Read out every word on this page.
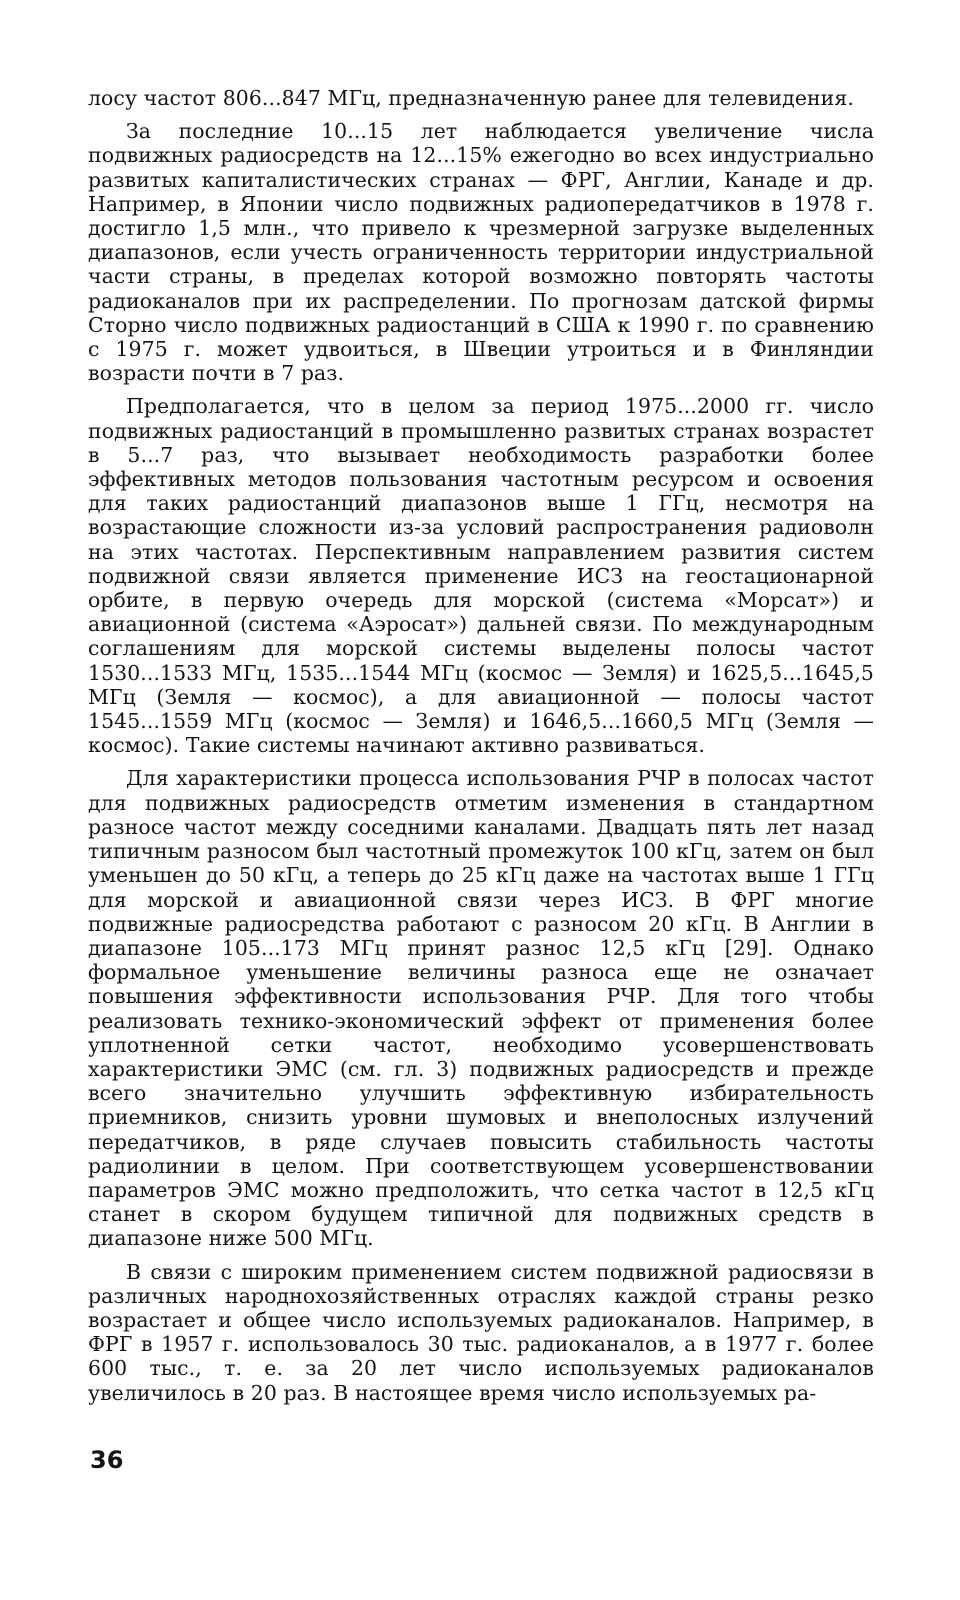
лосу частот 806...847 МГц, предназначенную ранее для телевидения.

За последние 10...15 лет наблюдается увеличение числа подвижных радиосредств на 12...15% ежегодно во всех индустриально развитых капиталистических странах — ФРГ, Англии, Канаде и др. Например, в Японии число подвижных радиопередатчиков в 1978 г. достигло 1,5 млн., что привело к чрезмерной загрузке выделенных диапазонов, если учесть ограниченность территории индустриальной части страны, в пределах которой возможно повторять частоты радиоканалов при их распределении. По прогнозам датской фирмы Сторно число подвижных радиостанций в США к 1990 г. по сравнению с 1975 г. может удвоиться, в Швеции утроиться и в Финляндии возрасти почти в 7 раз.

Предполагается, что в целом за период 1975...2000 гг. число подвижных радиостанций в промышленно развитых странах возрастет в 5...7 раз, что вызывает необходимость разработки более эффективных методов пользования частотным ресурсом и освоения для таких радиостанций диапазонов выше 1 ГГц, несмотря на возрастающие сложности из-за условий распространения радиоволн на этих частотах. Перспективным направлением развития систем подвижной связи является применение ИСЗ на геостационарной орбите, в первую очередь для морской (система «Морсат») и авиационной (система «Аэросат») дальней связи. По международным соглашениям для морской системы выделены полосы частот 1530...1533 МГц, 1535...1544 МГц (космос — Земля) и 1625,5...1645,5 МГц (Земля — космос), а для авиационной — полосы частот 1545...1559 МГц (космос — Земля) и 1646,5...1660,5 МГц (Земля — космос). Такие системы начинают активно развиваться.

Для характеристики процесса использования РЧР в полосах частот для подвижных радиосредств отметим изменения в стандартном разносе частот между соседними каналами. Двадцать пять лет назад типичным разносом был частотный промежуток 100 кГц, затем он был уменьшен до 50 кГц, а теперь до 25 кГц даже на частотах выше 1 ГГц для морской и авиационной связи через ИСЗ. В ФРГ многие подвижные радиосредства работают с разносом 20 кГц. В Англии в диапазоне 105...173 МГц принят разнос 12,5 кГц [29]. Однако формальное уменьшение величины разноса еще не означает повышения эффективности использования РЧР. Для того чтобы реализовать технико-экономический эффект от применения более уплотненной сетки частот, необходимо усовершенствовать характеристики ЭМС (см. гл. 3) подвижных радиосредств и прежде всего значительно улучшить эффективную избирательность приемников, снизить уровни шумовых и внеполосных излучений передатчиков, в ряде случаев повысить стабильность частоты радиолинии в целом. При соответствующем усовершенствовании параметров ЭМС можно предположить, что сетка частот в 12,5 кГц станет в скором будущем типичной для подвижных средств в диапазоне ниже 500 МГц.

В связи с широким применением систем подвижной радиосвязи в различных народнохозяйственных отраслях каждой страны резко возрастает и общее число используемых радиоканалов. Например, в ФРГ в 1957 г. использовалось 30 тыс. радиоканалов, а в 1977 г. более 600 тыс., т. е. за 20 лет число используемых радиоканалов увеличилось в 20 раз. В настоящее время число используемых ра-

36
